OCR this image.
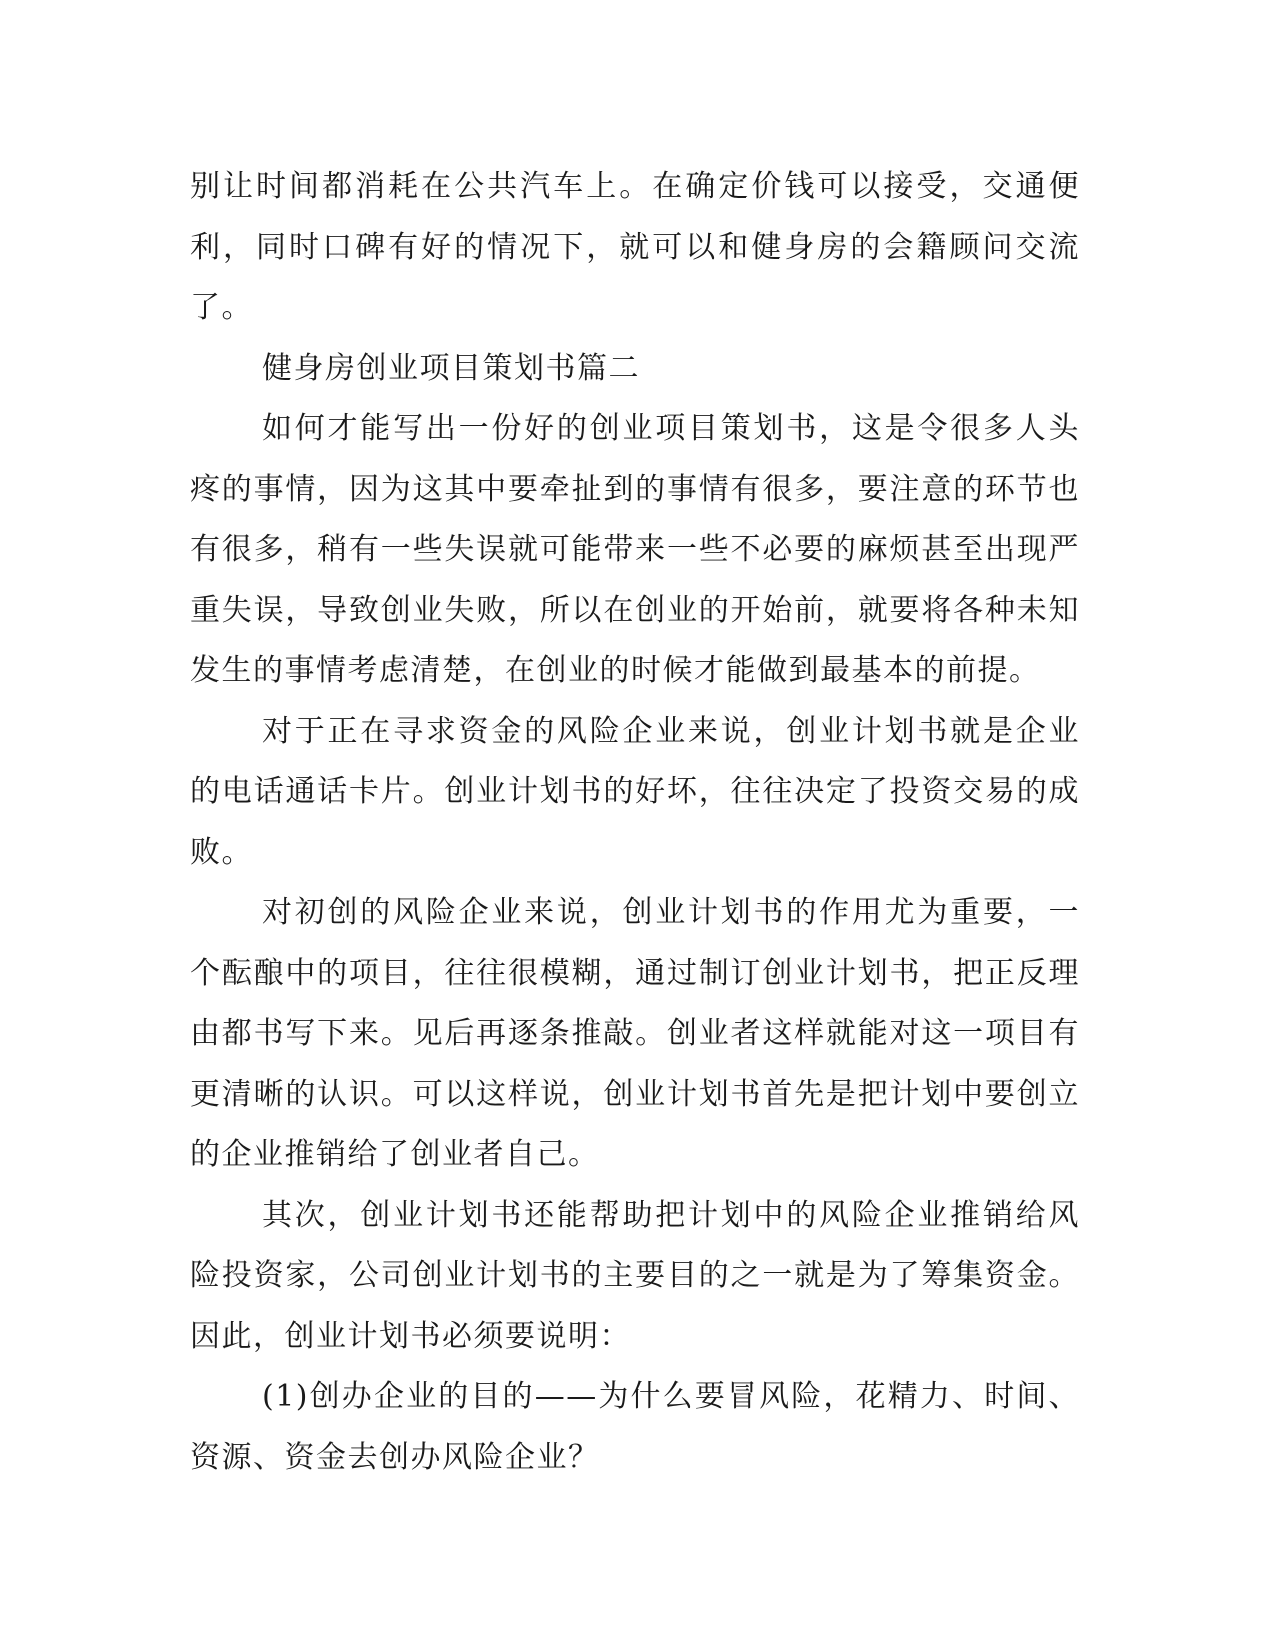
别让时间都消耗在公共汽车上。在确定价钱可以接受，交通便利，同时口碑有好的情况下，就可以和健身房的会籍顾问交流了。

健身房创业项目策划书篇二

如何才能写出一份好的创业项目策划书，这是令很多人头疼的事情，因为这其中要牵扯到的事情有很多，要注意的环节也有很多，稍有一些失误就可能带来一些不必要的麻烦甚至出现严重失误，导致创业失败，所以在创业的开始前，就要将各种未知发生的事情考虑清楚，在创业的时候才能做到最基本的前提。

对于正在寻求资金的风险企业来说，创业计划书就是企业的电话通话卡片。创业计划书的好坏，往往决定了投资交易的成败。

对初创的风险企业来说，创业计划书的作用尤为重要，一个酝酿中的项目，往往很模糊，通过制订创业计划书，把正反理由都书写下来。见后再逐条推敲。创业者这样就能对这一项目有更清晰的认识。可以这样说，创业计划书首先是把计划中要创立的企业推销给了创业者自己。

其次，创业计划书还能帮助把计划中的风险企业推销给风险投资家，公司创业计划书的主要目的之一就是为了筹集资金。因此，创业计划书必须要说明：

(1)创办企业的目的——为什么要冒风险，花精力、时间、资源、资金去创办风险企业？
